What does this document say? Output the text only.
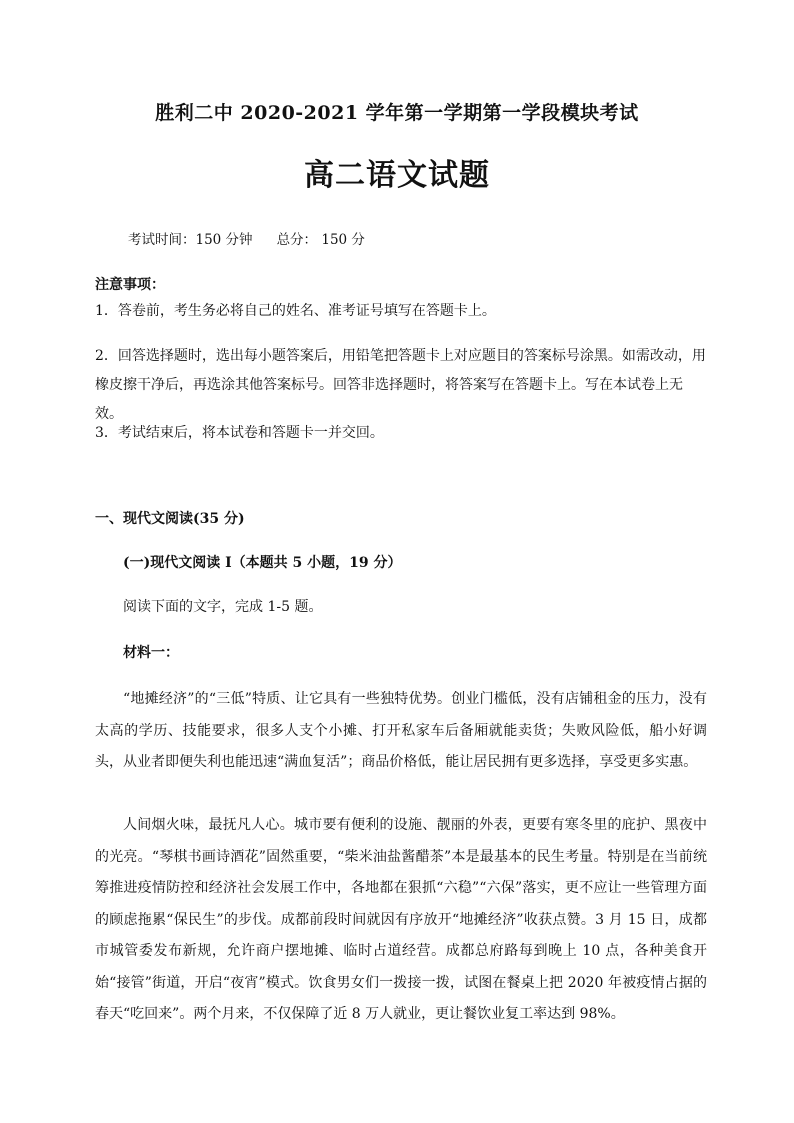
胜利二中 2020-2021 学年第一学期第一学段模块考试
高二语文试题
考试时间：150 分钟 总分： 150 分
注意事项：
1．答卷前，考生务必将自己的姓名、准考证号填写在答题卡上。
2．回答选择题时，选出每小题答案后，用铅笔把答题卡上对应题目的答案标号涂黑。如需改动，用橡皮擦干净后，再选涂其他答案标号。回答非选择题时，将答案写在答题卡上。写在本试卷上无效。
3．考试结束后，将本试卷和答题卡一并交回。
一、现代文阅读(35 分)
(一)现代文阅读 I（本题共 5 小题，19 分）
阅读下面的文字，完成 1-5 题。
材料一：
“地摊经济”的“三低”特质、让它具有一些独特优势。创业门槛低，没有店铺租金的压力，没有太高的学历、技能要求，很多人支个小摊、打开私家车后备厢就能卖货；失败风险低，船小好调头，从业者即便失利也能迅速“满血复活”；商品价格低，能让居民拥有更多选择，享受更多实惠。
人间烟火味，最抚凡人心。城市要有便利的设施、靓丽的外表，更要有寒冬里的庇护、黑夜中的光亮。“琴棋书画诗酒花”固然重要，“柴米油盐酱醋茶”本是最基本的民生考量。特别是在当前统筹推进疫情防控和经济社会发展工作中，各地都在狠抓“六稳”“六保”落实，更不应让一些管理方面的顾虑拖累“保民生”的步伐。成都前段时间就因有序放开“地摊经济”收获点赞。3 月 15 日，成都市城管委发布新规，允许商户摆地摊、临时占道经营。成都总府路每到晚上 10 点，各种美食开始“接管”街道，开启“夜宵”模式。饮食男女们一拨接一拨，试图在餐桌上把 2020 年被疫情占据的春天“吃回来”。两个月来，不仅保障了近 8 万人就业，更让餐饮业复工率达到 98%。
